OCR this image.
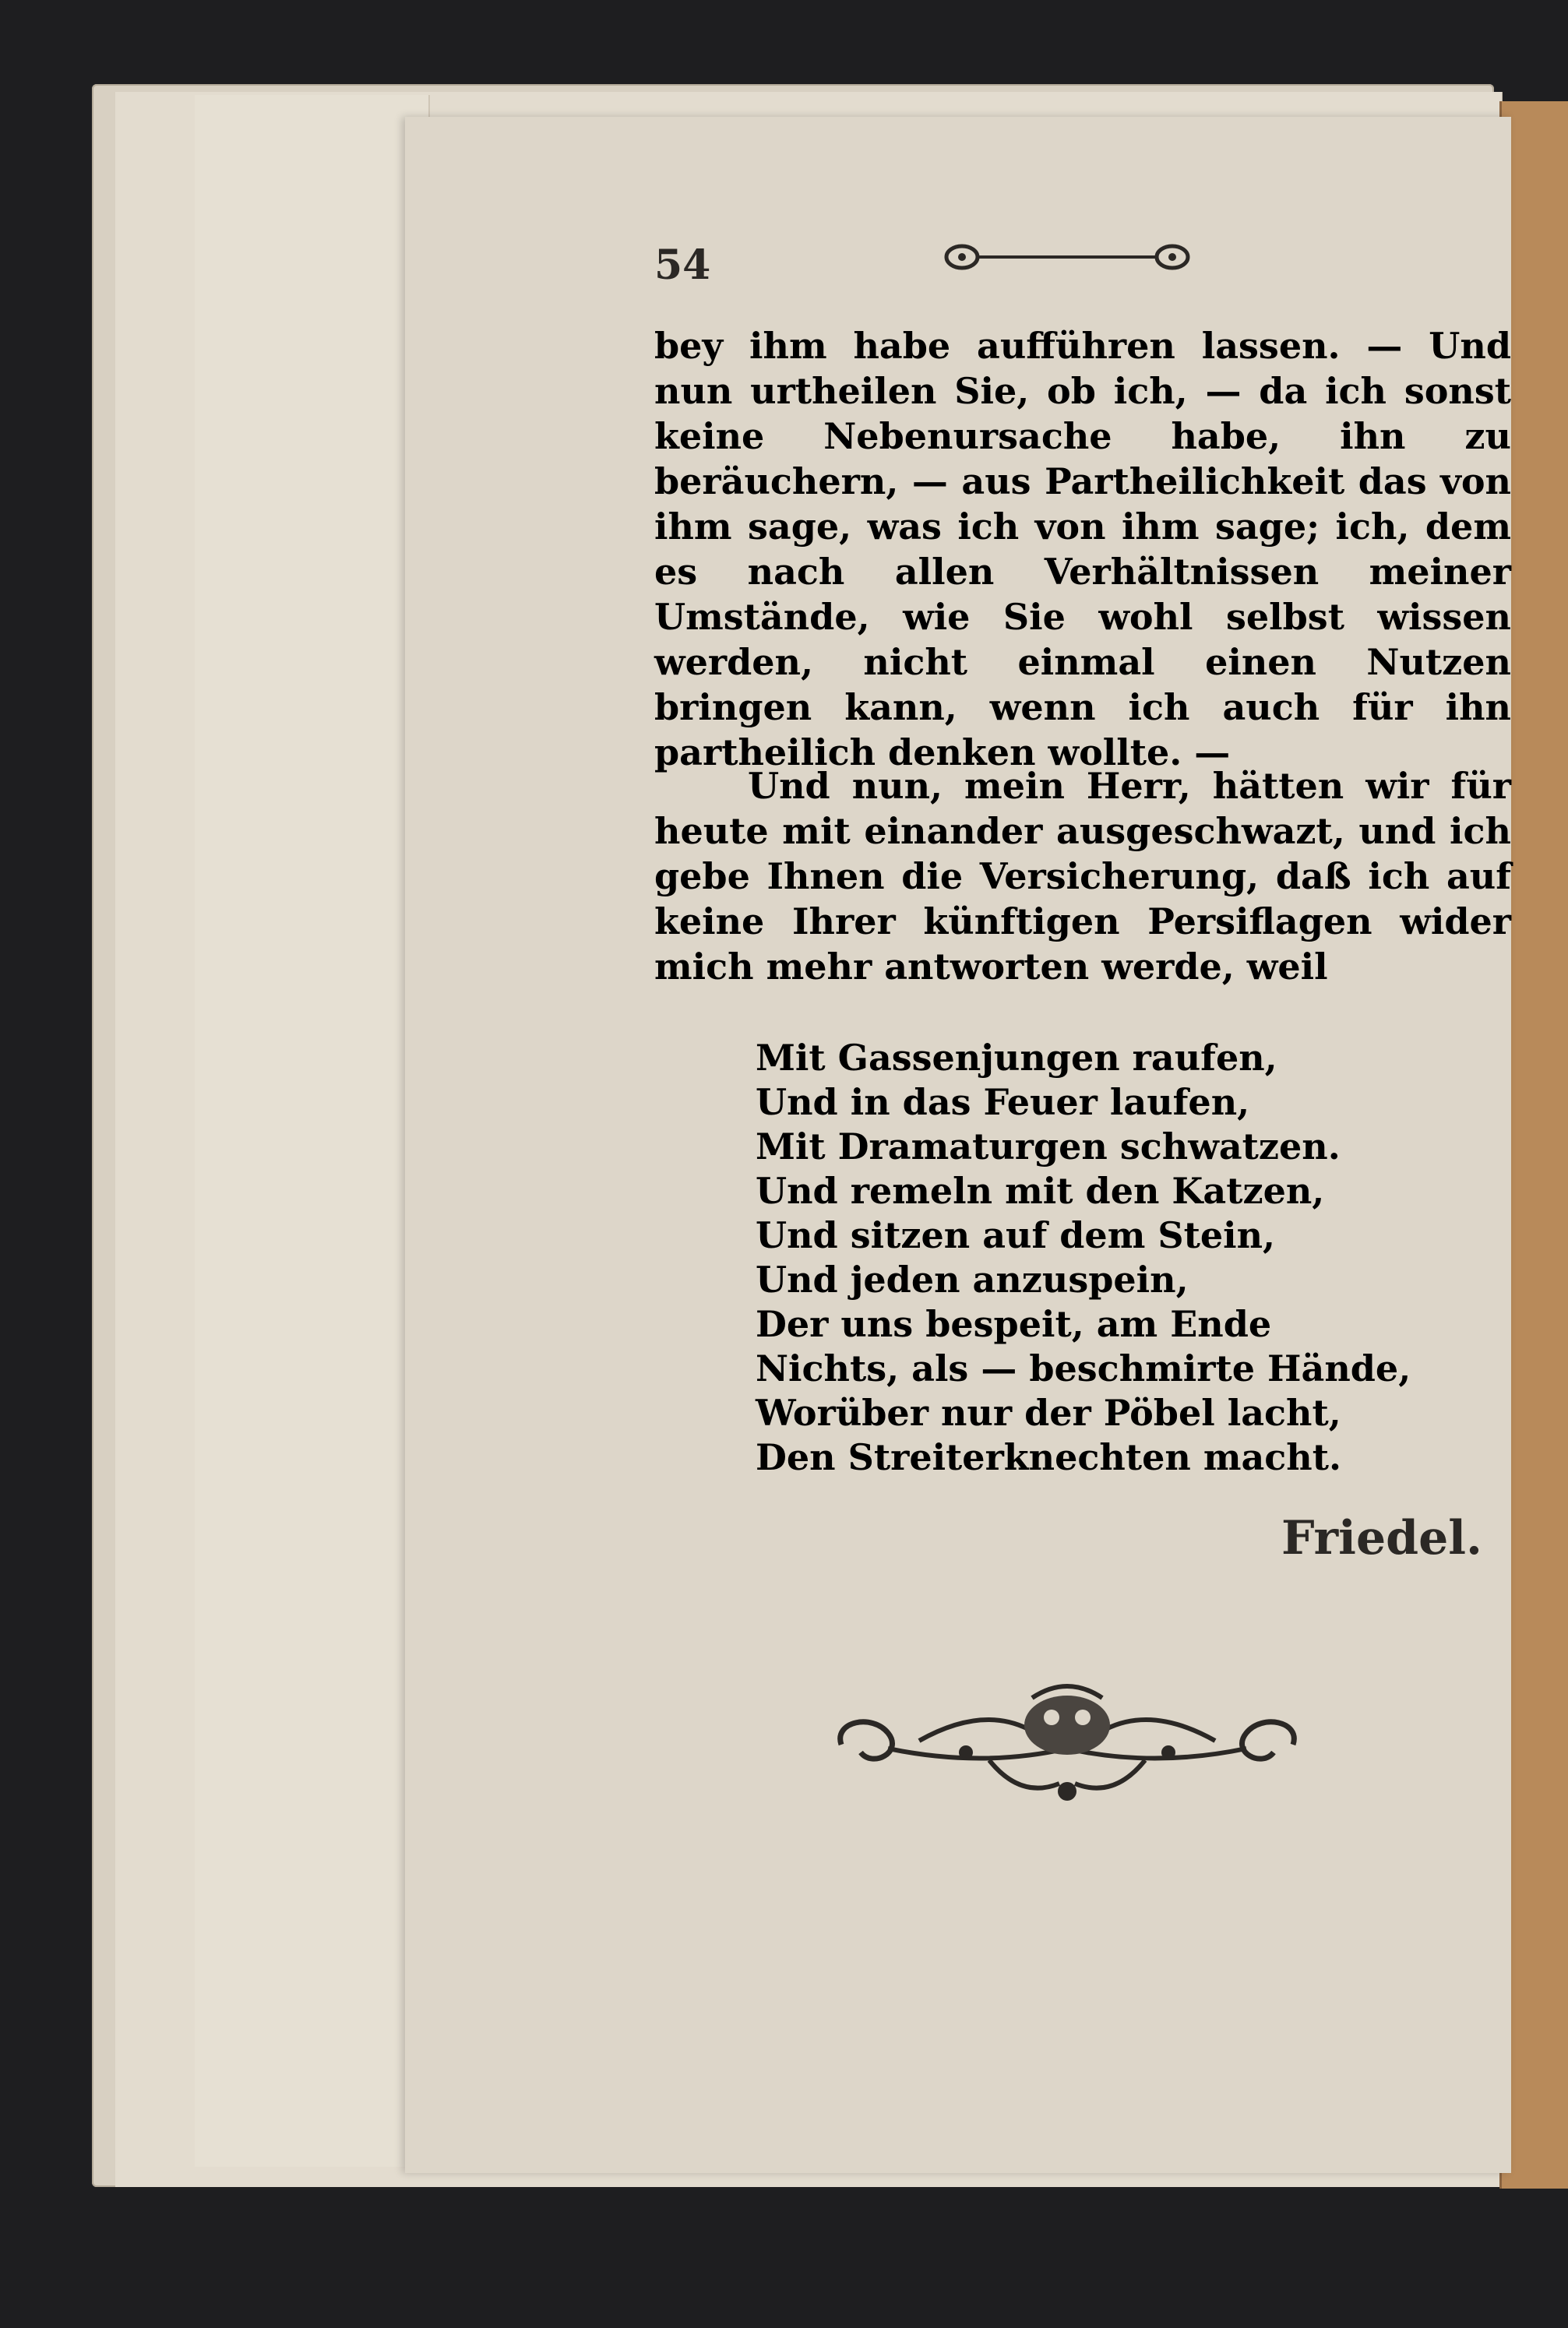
54

bey ihm habe aufführen lassen. — Und nun urtheilen Sie, ob ich, — da ich sonst keine Nebenursache habe, ihn zu beräuchern, — aus Partheilichkeit das von ihm sage, was ich von ihm sage; ich, dem es nach allen Verhältnissen meiner Umstände, wie Sie wohl selbst wissen werden, nicht einmal einen Nutzen bringen kann, wenn ich auch für ihn partheilich denken wollte. —

Und nun, mein Herr, hätten wir für heute mit einander ausgeschwazt, und ich gebe Ihnen die Versicherung, daß ich auf keine Ihrer künftigen Persiflagen wider mich mehr antworten werde, weil

Mit Gassenjungen raufen,
Und in das Feuer laufen,
Mit Dramaturgen schwatzen.
Und remeln mit den Katzen,
Und sitzen auf dem Stein,
Und jeden anzuspein,
Der uns bespeit, am Ende
Nichts, als — beschmirte Hände,
Worüber nur der Pöbel lacht,
Den Streiterknechten macht.
Friedel.
